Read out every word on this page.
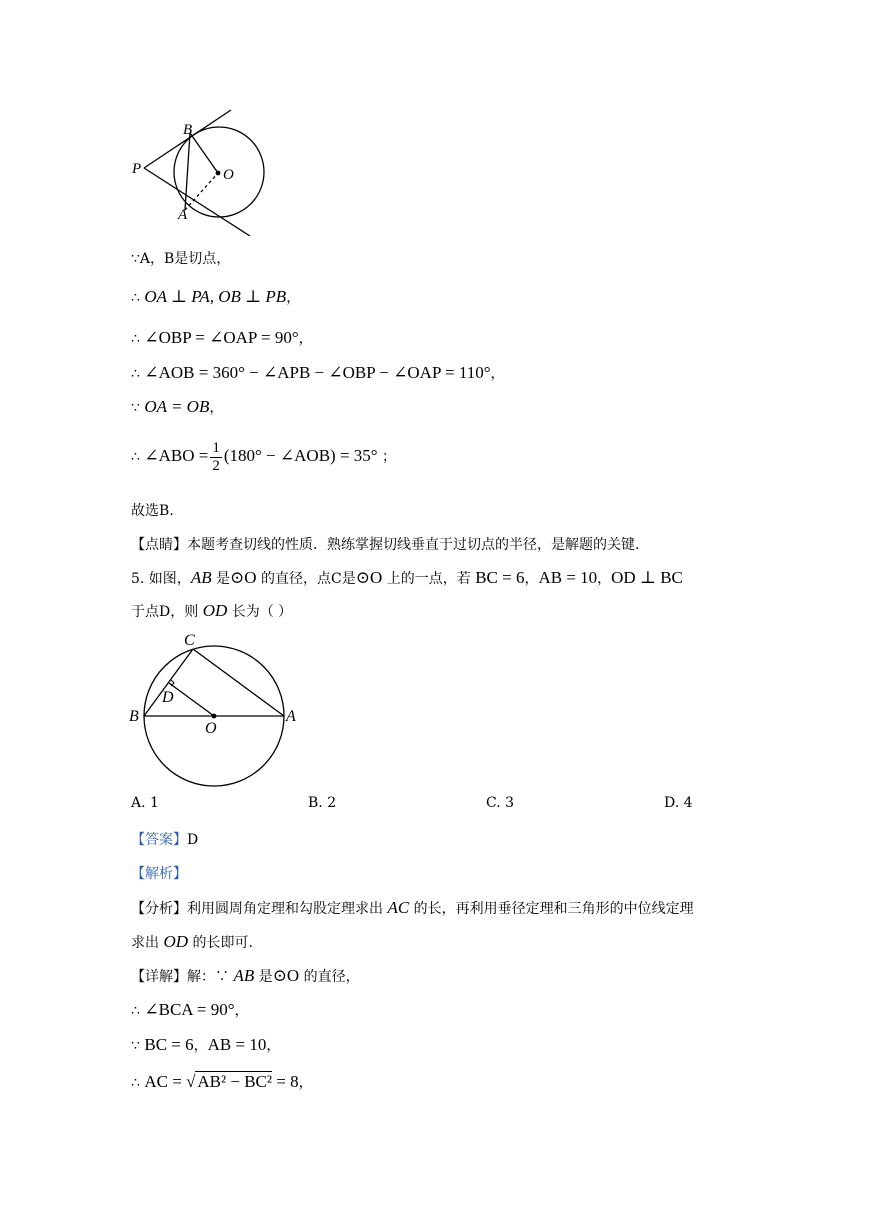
B
P	O
A
∵A，B是切点，
∴ OA ⊥ PA, OB ⊥ PB，
∴ ∠OBP = ∠OAP = 90°，
∴ ∠AOB = 360° − ∠APB − ∠OBP − ∠OAP = 110°，
∵ OA = OB，
∴ ∠ABO = $\frac{1}{2} (180^\circ$ − ∠AOB) = 35° ；
故选B.
【点睛】本题考查切线的性质．熟练掌握切线垂直于过切点的半径，是解题的关键.
5. 如图，AB 是⊙O 的直径，点C是⊙O 上的一点，若 BC = 6，AB = 10，OD ⊥ BC
于点D，则 OD 长为（ ）
C
D
B
O
A
A. 1	B. 2	C. 3	D. 4
【答案】D
【解析】
【分析】利用圆周角定理和勾股定理求出 AC 的长，再利用垂径定理和三角形的中位线定理
求出 OD 的长即可.
【详解】解：∵ AB 是⊙O 的直径，
∴ ∠BCA = 90°，
∵ BC = 6，AB = 10，
∴ AC = √ AB² − BC² = 8，
